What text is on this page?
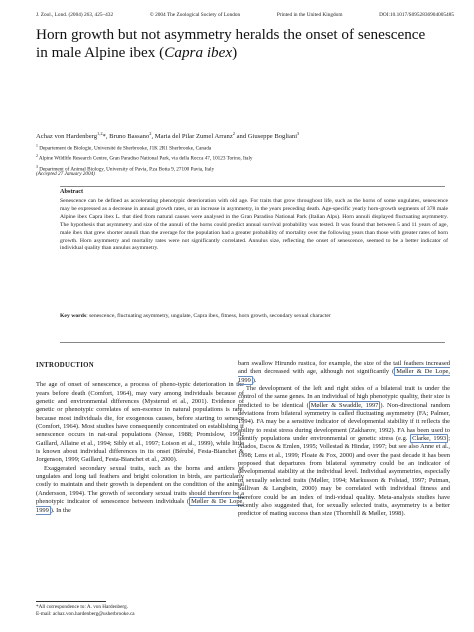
J. Zool., Lond. (2004) 263, 425–432	© 2004 The Zoological Society of London	Printed in the United Kingdom	DOI:10.1017/S0952836904005485
Horn growth but not asymmetry heralds the onset of senescence
in male Alpine ibex (Capra ibex)
Achaz von Hardenberg$^{1,2}$*, Bruno Bassano$^2$, Maria del Pilar Zumel Arranz$^2$ and Giuseppe Bogliani$^3$
$^1$ Departement de Biologie, Université de Sherbrooke, J1K 2R1 Sherbrooke, Canada
$^2$ Alpine Wildlife Research Centre, Gran Paradiso National Park, via della Rocca 47, 10123 Torino, Italy
$^3$ Department of Animal Biology, University of Pavia, P.za Botta 9, 27100 Pavia, Italy
(Accepted 27 January 2004)
Abstract
Senescence can be defined as accelerating phenotypic deterioration with old age. For traits that grow throughout life, such as the horns of some ungulates, senescence may be expressed as a decrease in annual growth rates, or an increase in asymmetry, in the years preceding death. Age-specific yearly horn-growth segments of 378 male Alpine ibex Capra ibex L. that died from natural causes were analysed in the Gran Paradiso National Park (Italian Alps). Horn annuli displayed fluctuating asymmetry. The hypothesis that asymmetry and size of the annuli of the horns could predict annual survival probability was tested. It was found that between 5 and 11 years of age, male ibex that grew shorter annuli than the average for the population had a greater probability of mortality over the following years than those with greater rates of horn growth. Horn asymmetry and mortality rates were not significantly correlated. Annulus size, reflecting the onset of senescence, seemed to be a better indicator of individual quality than annulus asymmetry.
Key words: senescence, fluctuating asymmetry, ungulate, Capra ibex, fitness, horn growth, secondary sexual character
INTRODUCTION

The age of onset of senescence, a process of pheno-typic deterioration in the years before death (Comfort, 1964), may vary among individuals because of genetic and environmental differences (Mysterud et al., 2001). Evidence of genetic or phenotypic correlates of sen-escence in natural populations is rare, because most individuals die, for exogenous causes, before starting to senesce (Comfort, 1964). Most studies have consequently concentrated on establishing if senescence occurs in nat-ural populations (Nesse, 1988; Promislow, 1991; Gaillard, Allaine et al., 1994; Sibly et al., 1997; Loison et al., 1999), while little is known about individual differences in its onset (Bérubé, Festa-Bianchet & Jorgenson, 1999; Gaillard, Festa-Bianchet et al., 2000).

Exaggerated secondary sexual traits, such as the horns and antlers of ungulates and long tail feathers and bright coloration in birds, are particularly costly to maintain and their growth is dependent on the condition of the animal (Andersson, 1994). The growth of secondary sexual traits should therefore be a phenotypic indicator of senescence between individuals ( Møller & De Lope, 1999 ). In the

barn swallow Hirundo rustica, for example, the size of the tail feathers increased and then decreased with age, although not significantly ( Møller & De Lope, 1999 ).

The development of the left and right sides of a bilateral trait is under the control of the same genes. In an individual of high phenotypic quality, their size is predicted to be identical ( Møller & Swaddle, 1997 ). Non-directional random deviations from bilateral symmetry is called fluctuating asymmetry (FA; Palmer, 1994). FA may be a sensitive indicator of developmental stability if it reflects the ability to resist stress during development (Zakharov, 1992). FA has been used to identify populations under environmental or genetic stress (e.g. Clarke, 1993 ; Alados, Escos & Emlen, 1995; Vollestad & Hindar, 1997; but see also Anne et al., 1998; Lens et al., 1999; Floate & Fox, 2000) and over the past decade it has been proposed that departures from bilateral symmetry could be an indicator of developmental stability at the individual level. Individual asymmetries, especially of sexually selected traits (Møller, 1994; Markusson & Folstad, 1997; Putman, Sullivan & Langbein, 2000) may be correlated with individual fitness and therefore could be an index of indi-vidual quality. Meta-analysis studies have recently also suggested that, for sexually selected traits, asymmetry is a better predictor of mating success than size (Thornhill & Møller, 1998).

*All correspondence to: A. von Hardenberg.
E-mail: achaz.von.hardenberg@usherbrooke.ca
